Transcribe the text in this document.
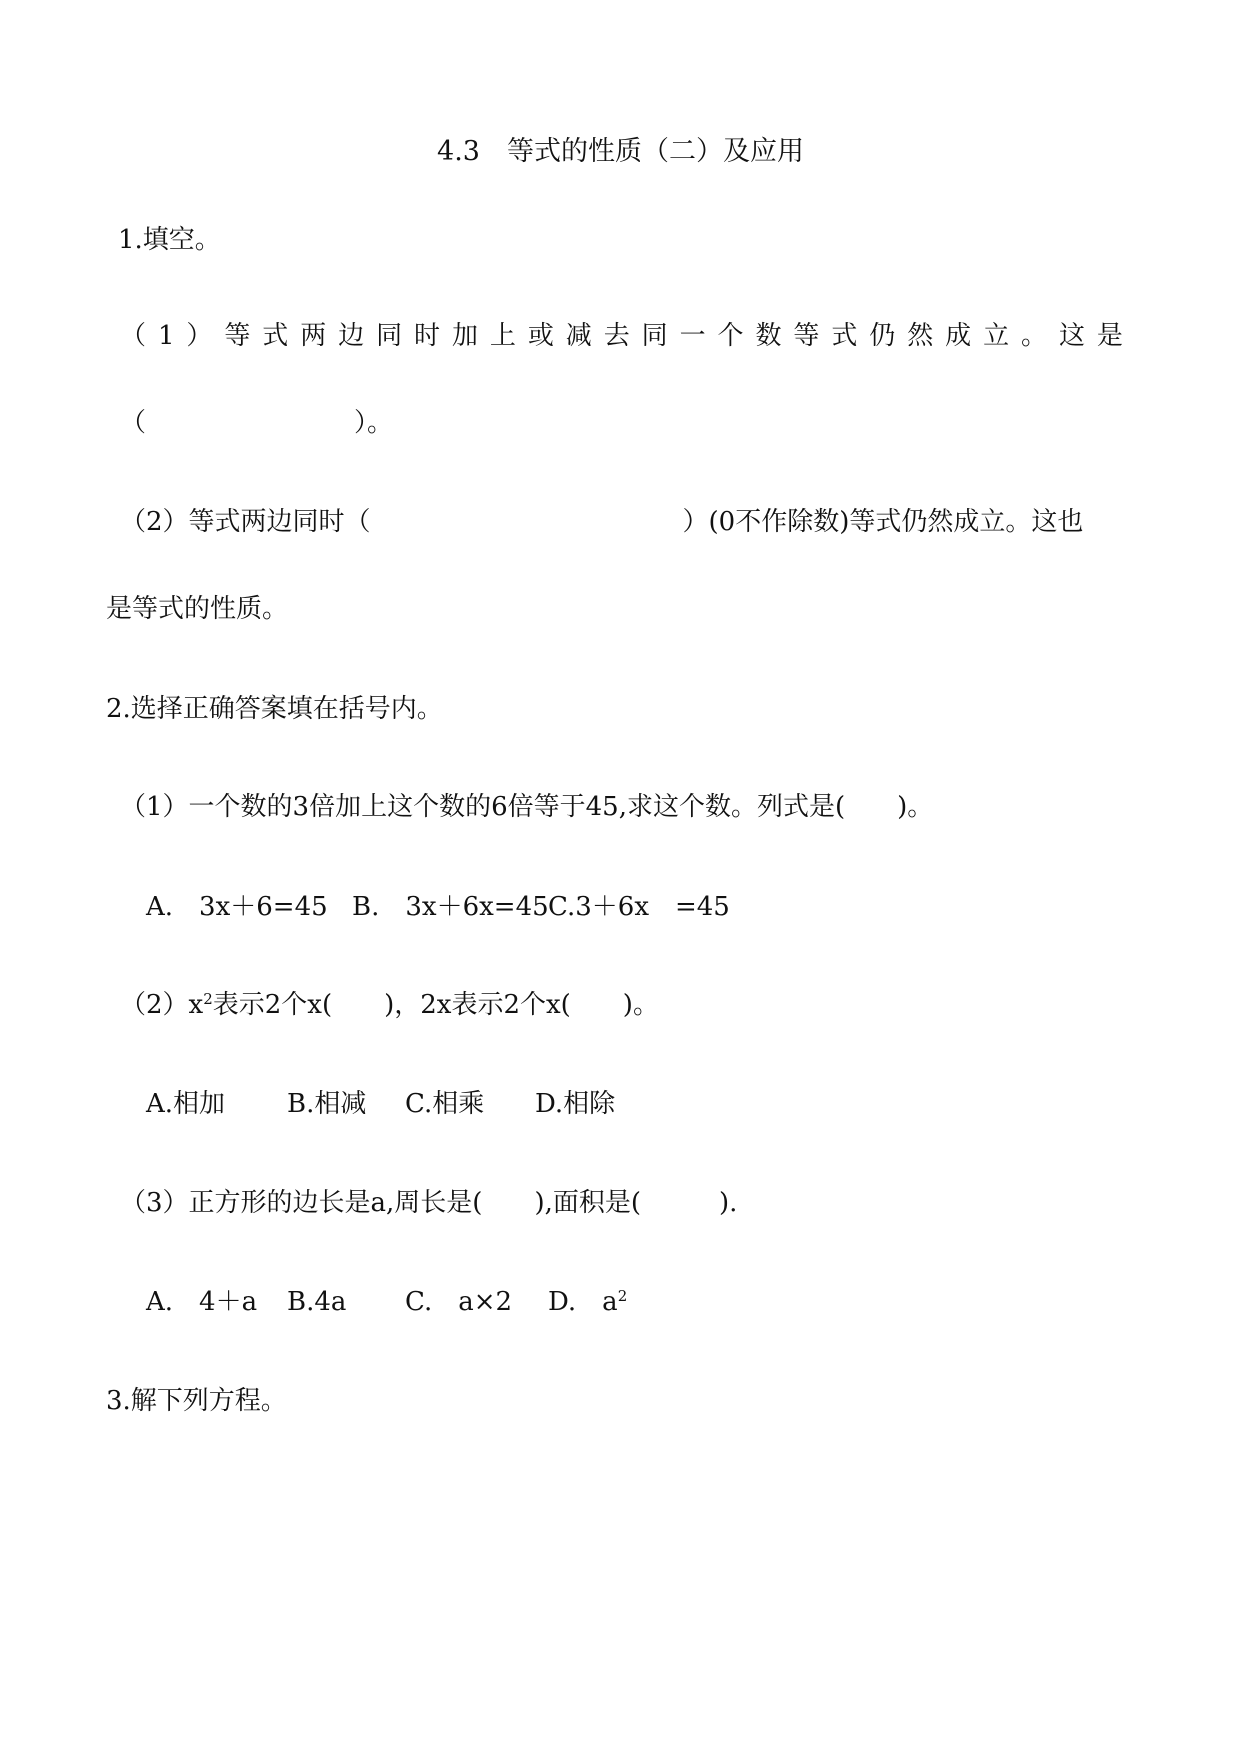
4.3　等式的性质（二）及应用
1.填空。
（ 1 ） 等 式 两 边 同 时 加 上 或 减 去 同 一 个 数 等 式 仍 然 成 立 。 这 是
（　　　　　　　　）。
（2）等式两边同时（　　　　　　　　　　　　）(0不作除数)等式仍然成立。这也
是等式的性质。
2.选择正确答案填在括号内。
（1）一个数的3倍加上这个数的6倍等于45,求这个数。列式是(　　)。
A.　3x＋6=45 B.　3x＋6x=45 C.3＋6x　=45
$(2)x^2$表示2个x(　　)，2x表示2个x(　　)。
A.相加 B.相减 C.相乘 D.相除
（3）正方形的边长是a,周长是(　　),面积是(　　　).
A.　4＋a B.4a C.　a×2 D.　$a^2$
3.解下列方程。
